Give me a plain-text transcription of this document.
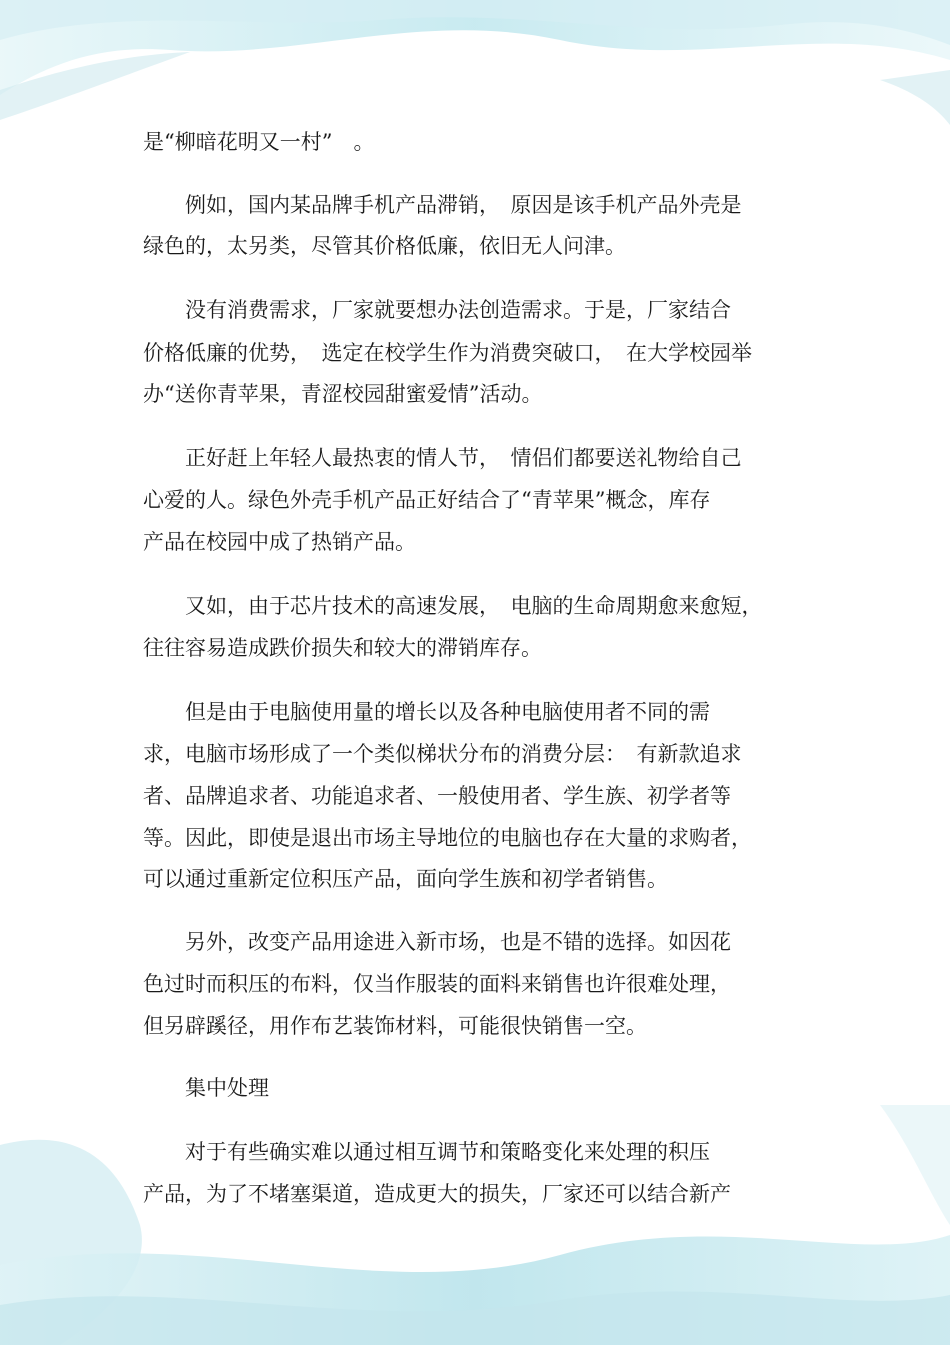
是“柳暗花明又一村”　。
　　例如，国内某品牌手机产品滞销，　原因是该手机产品外壳是
绿色的，太另类，尽管其价格低廉，依旧无人问津。
　　没有消费需求，厂家就要想办法创造需求。于是，厂家结合
价格低廉的优势，　选定在校学生作为消费突破口，　在大学校园举
办“送你青苹果，青涩校园甜蜜爱情”活动。
　　正好赶上年轻人最热衷的情人节，　情侣们都要送礼物给自己
心爱的人。绿色外壳手机产品正好结合了“青苹果”概念，库存
产品在校园中成了热销产品。
　　又如，由于芯片技术的高速发展，　电脑的生命周期愈来愈短，
往往容易造成跌价损失和较大的滞销库存。
　　但是由于电脑使用量的增长以及各种电脑使用者不同的需
求，电脑市场形成了一个类似梯状分布的消费分层：　有新款追求
者、品牌追求者、功能追求者、一般使用者、学生族、初学者等
等。因此，即使是退出市场主导地位的电脑也存在大量的求购者，
可以通过重新定位积压产品，面向学生族和初学者销售。
　　另外，改变产品用途进入新市场，也是不错的选择。如因花
色过时而积压的布料，仅当作服装的面料来销售也许很难处理，
但另辟蹊径，用作布艺装饰材料，可能很快销售一空。
　　集中处理
　　对于有些确实难以通过相互调节和策略变化来处理的积压
产品，为了不堵塞渠道，造成更大的损失，厂家还可以结合新产
